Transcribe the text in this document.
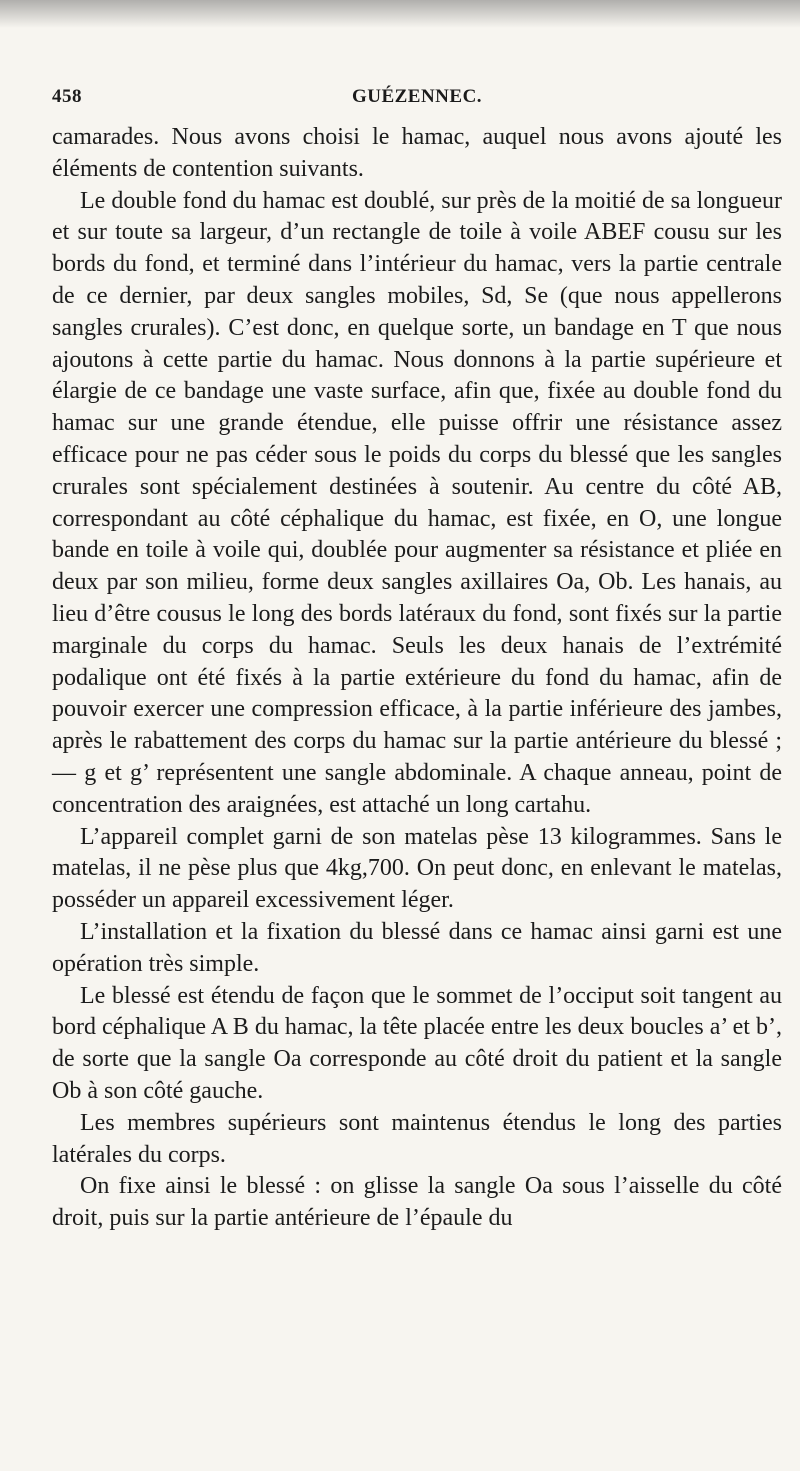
458	GUÉZENNEC.

camarades. Nous avons choisi le hamac, auquel nous avons ajouté les éléments de contention suivants.

Le double fond du hamac est doublé, sur près de la moitié de sa longueur et sur toute sa largeur, d’un rectangle de toile à voile ABEF cousu sur les bords du fond, et terminé dans l’intérieur du hamac, vers la partie centrale de ce dernier, par deux sangles mobiles, Sd, Se (que nous appellerons sangles crurales). C’est donc, en quelque sorte, un bandage en T que nous ajoutons à cette partie du hamac. Nous donnons à la partie supérieure et élargie de ce bandage une vaste surface, afin que, fixée au double fond du hamac sur une grande étendue, elle puisse offrir une résistance assez efficace pour ne pas céder sous le poids du corps du blessé que les sangles crurales sont spécialement destinées à soutenir. Au centre du côté AB, correspondant au côté céphalique du hamac, est fixée, en O, une longue bande en toile à voile qui, doublée pour augmenter sa résistance et pliée en deux par son milieu, forme deux sangles axillaires Oa, Ob. Les hanais, au lieu d’être cousus le long des bords latéraux du fond, sont fixés sur la partie marginale du corps du hamac. Seuls les deux hanais de l’extrémité podalique ont été fixés à la partie extérieure du fond du hamac, afin de pouvoir exercer une compression efficace, à la partie inférieure des jambes, après le rabattement des corps du hamac sur la partie antérieure du blessé ; — g et g’ représentent une sangle abdominale. A chaque anneau, point de concentration des araignées, est attaché un long cartahu.

L’appareil complet garni de son matelas pèse 13 kilogrammes. Sans le matelas, il ne pèse plus que 4kg,700. On peut donc, en enlevant le matelas, posséder un appareil excessivement léger.

L’installation et la fixation du blessé dans ce hamac ainsi garni est une opération très simple.

Le blessé est étendu de façon que le sommet de l’occiput soit tangent au bord céphalique A B du hamac, la tête placée entre les deux boucles a’ et b’, de sorte que la sangle Oa corresponde au côté droit du patient et la sangle Ob à son côté gauche.

Les membres supérieurs sont maintenus étendus le long des parties latérales du corps.

On fixe ainsi le blessé : on glisse la sangle Oa sous l’aisselle du côté droit, puis sur la partie antérieure de l’épaule du
